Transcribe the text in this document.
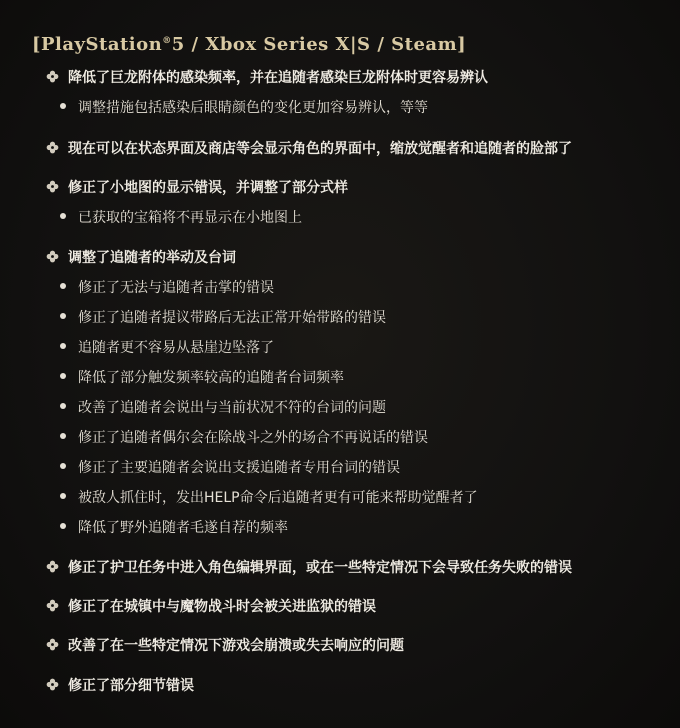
[PlayStation®5 / Xbox Series X|S / Steam]
降低了巨龙附体的感染频率，并在追随者感染巨龙附体时更容易辨认
调整措施包括感染后眼睛颜色的变化更加容易辨认，等等
现在可以在状态界面及商店等会显示角色的界面中，缩放觉醒者和追随者的脸部了
修正了小地图的显示错误，并调整了部分式样
已获取的宝箱将不再显示在小地图上
调整了追随者的举动及台词
修正了无法与追随者击掌的错误
修正了追随者提议带路后无法正常开始带路的错误
追随者更不容易从悬崖边坠落了
降低了部分触发频率较高的追随者台词频率
改善了追随者会说出与当前状况不符的台词的问题
修正了追随者偶尔会在除战斗之外的场合不再说话的错误
修正了主要追随者会说出支援追随者专用台词的错误
被敌人抓住时，发出HELP命令后追随者更有可能来帮助觉醒者了
降低了野外追随者毛遂自荐的频率
修正了护卫任务中进入角色编辑界面，或在一些特定情况下会导致任务失败的错误
修正了在城镇中与魔物战斗时会被关进监狱的错误
改善了在一些特定情况下游戏会崩溃或失去响应的问题
修正了部分细节错误
